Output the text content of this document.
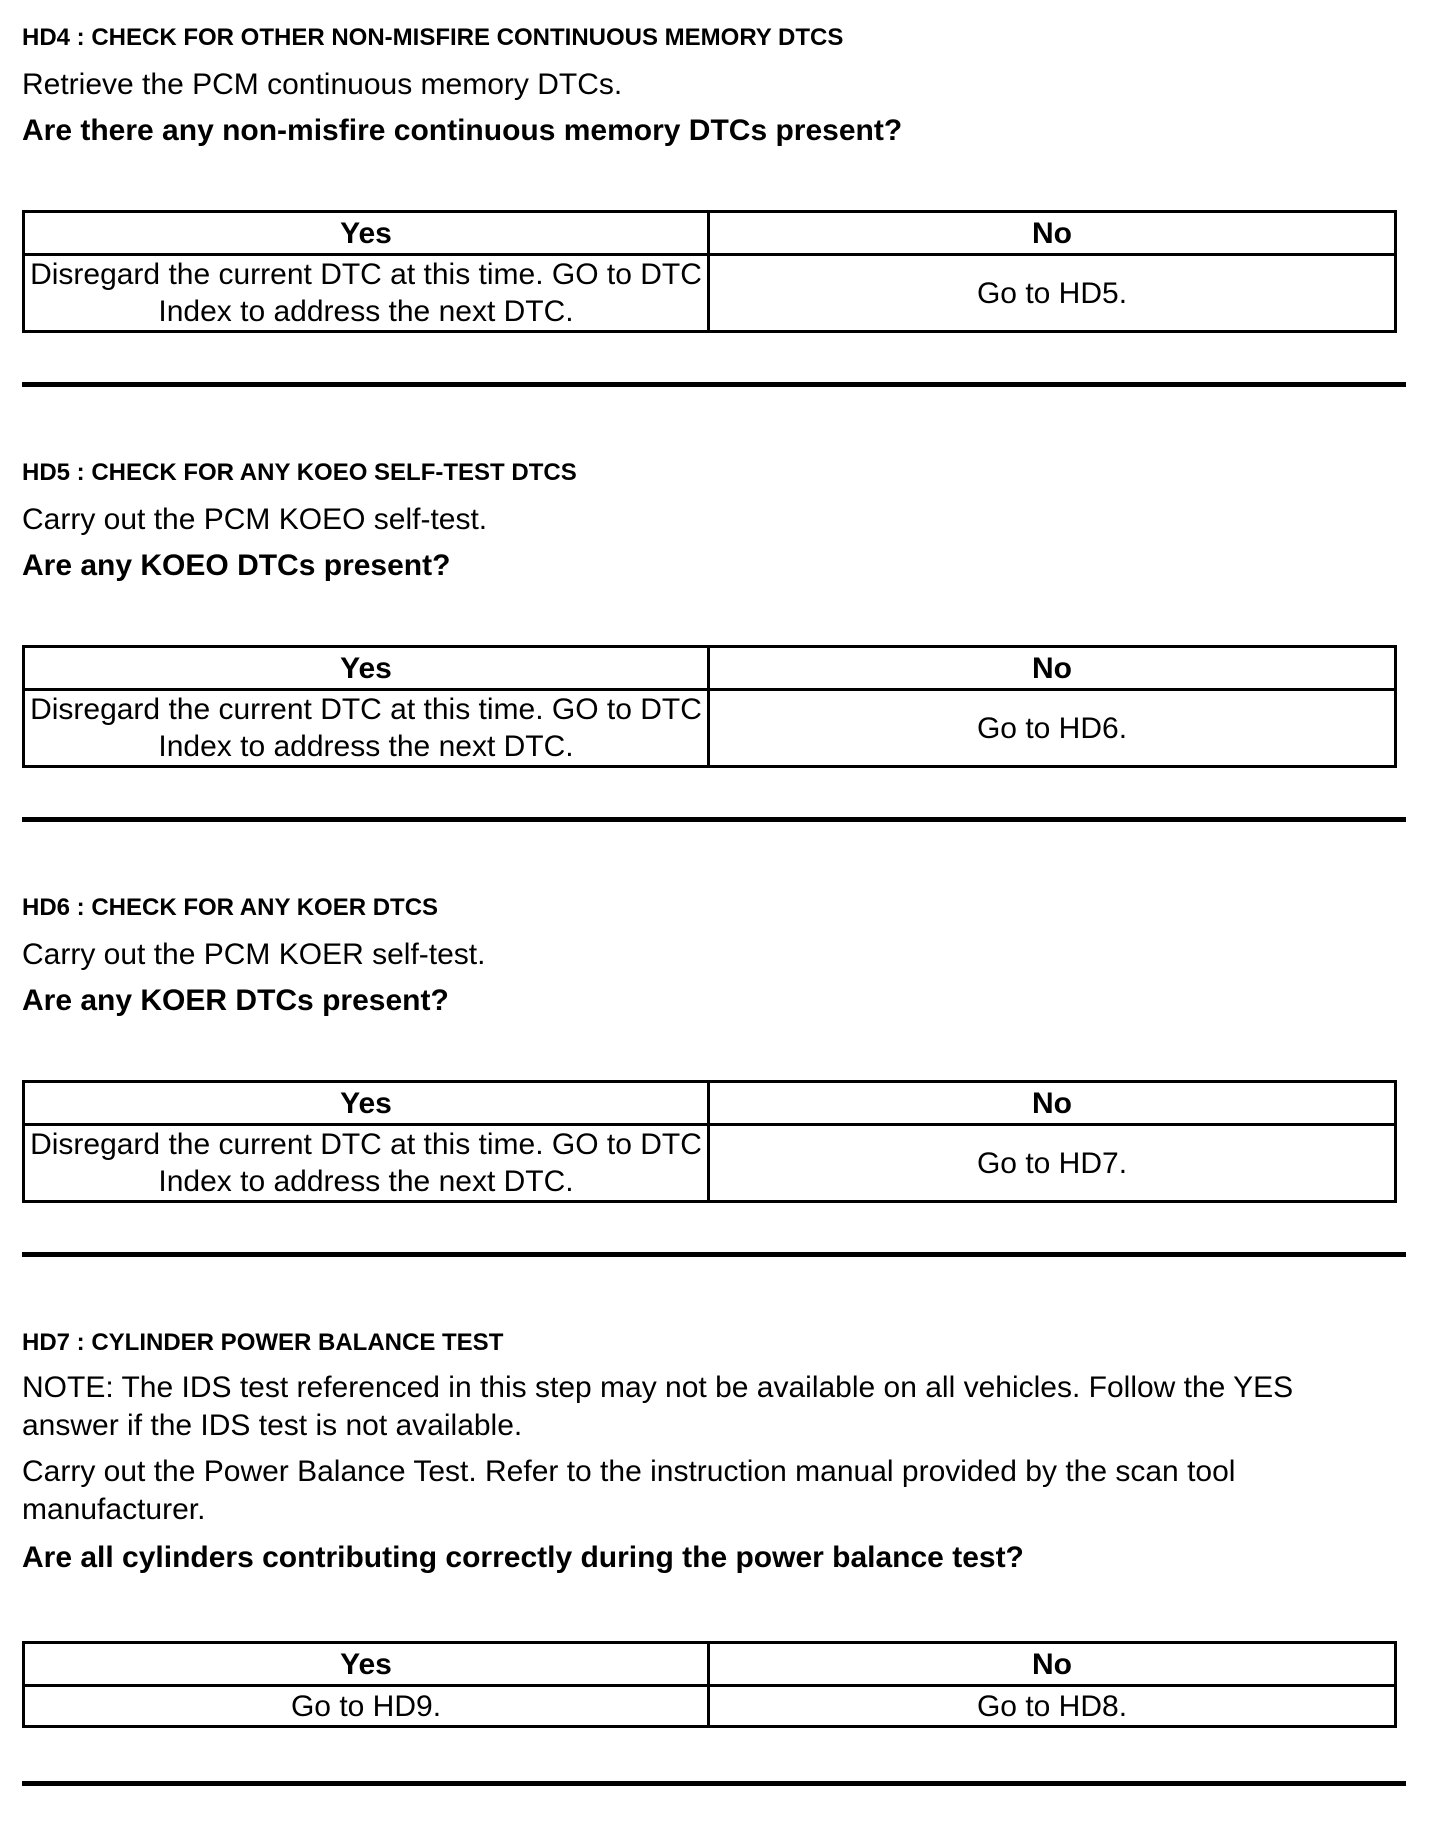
HD4 : CHECK FOR OTHER NON-MISFIRE CONTINUOUS MEMORY DTCS
Retrieve the PCM continuous memory DTCs.
Are there any non-misfire continuous memory DTCs present?
Yes	No
Disregard the current DTC at this time. GO to DTC Index to address the next DTC.	Go to HD5.
HD5 : CHECK FOR ANY KOEO SELF-TEST DTCS
Carry out the PCM KOEO self-test.
Are any KOEO DTCs present?
Yes	No
Disregard the current DTC at this time. GO to DTC Index to address the next DTC.	Go to HD6.
HD6 : CHECK FOR ANY KOER DTCS
Carry out the PCM KOER self-test.
Are any KOER DTCs present?
Yes	No
Disregard the current DTC at this time. GO to DTC Index to address the next DTC.	Go to HD7.
HD7 : CYLINDER POWER BALANCE TEST
NOTE: The IDS test referenced in this step may not be available on all vehicles. Follow the YES answer if the IDS test is not available.
Carry out the Power Balance Test. Refer to the instruction manual provided by the scan tool manufacturer.
Are all cylinders contributing correctly during the power balance test?
Yes	No
Go to HD9.	Go to HD8.
